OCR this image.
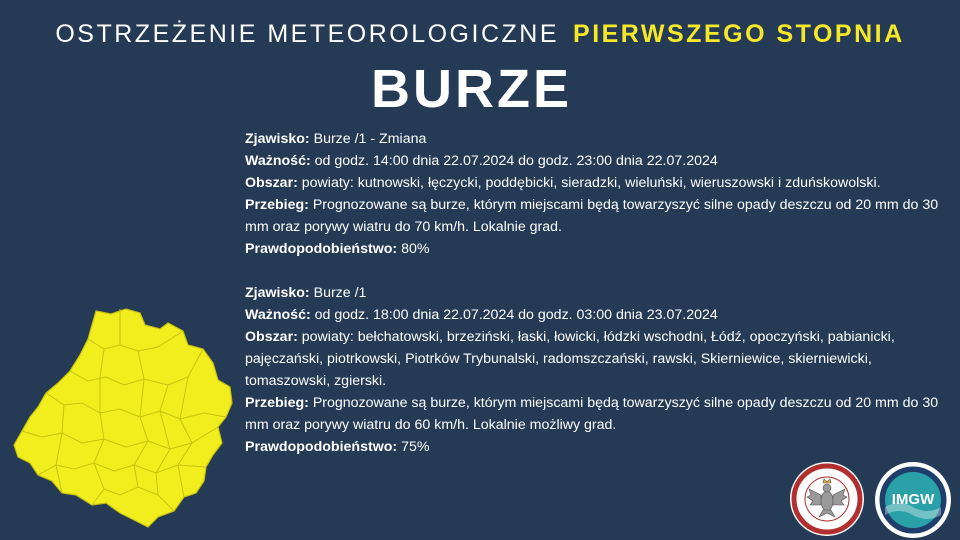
OSTRZEŻENIE METEOROLOGICZNE PIERWSZEGO STOPNIA
BURZE
Zjawisko: Burze /1 - Zmiana
Ważność: od godz. 14:00 dnia 22.07.2024 do godz. 23:00 dnia 22.07.2024
Obszar: powiaty: kutnowski, łęczycki, poddębicki, sieradzki, wieluński, wieruszowski i zduńskowolski.
Przebieg: Prognozowane są burze, którym miejscami będą towarzyszyć silne opady deszczu od 20 mm do 30 mm oraz porywy wiatru do 70 km/h. Lokalnie grad.
Prawdopodobieństwo: 80%
Zjawisko: Burze /1
Ważność: od godz. 18:00 dnia 22.07.2024 do godz. 03:00 dnia 23.07.2024
Obszar: powiaty: bełchatowski, brzeziński, łaski, łowicki, łódzki wschodni, Łódź, opoczyński, pabianicki, pajęczański, piotrkowski, Piotrków Trybunalski, radomszczański, rawski, Skierniewice, skierniewicki, tomaszowski, zgierski.
Przebieg: Prognozowane są burze, którym miejscami będą towarzyszyć silne opady deszczu od 20 mm do 30 mm oraz porywy wiatru do 60 km/h. Lokalnie możliwy grad.
Prawdopodobieństwo: 75%
IMGW
